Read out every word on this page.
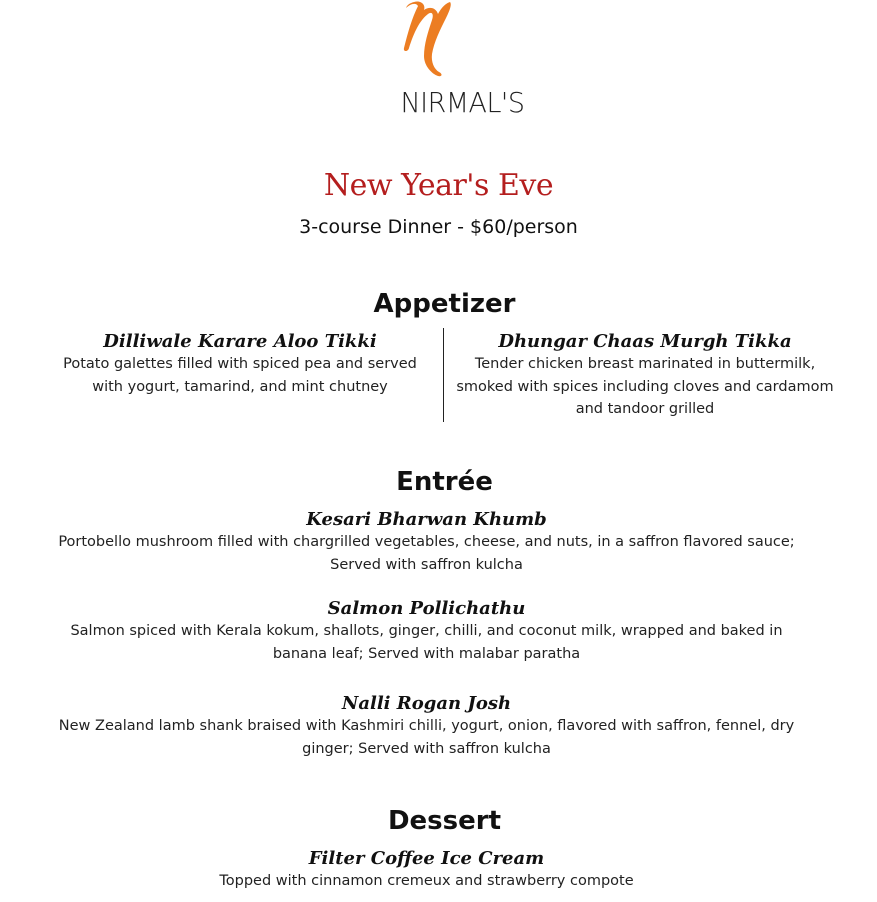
NIRMAL'S
New Year's Eve
3-course Dinner - $60/person
Appetizer
Dilliwale Karare Aloo Tikki
Potato galettes filled with spiced pea and served
with yogurt, tamarind, and mint chutney
Dhungar Chaas Murgh Tikka
Tender chicken breast marinated in buttermilk,
smoked with spices including cloves and cardamom
and tandoor grilled
Entrée
Kesari Bharwan Khumb
Portobello mushroom filled with chargrilled vegetables, cheese, and nuts, in a saffron flavored sauce;
Served with saffron kulcha
Salmon Pollichathu
Salmon spiced with Kerala kokum, shallots, ginger, chilli, and coconut milk, wrapped and baked in
banana leaf; Served with malabar paratha
Nalli Rogan Josh
New Zealand lamb shank braised with Kashmiri chilli, yogurt, onion, flavored with saffron, fennel, dry
ginger; Served with saffron kulcha
Dessert
Filter Coffee Ice Cream
Topped with cinnamon cremeux and strawberry compote
